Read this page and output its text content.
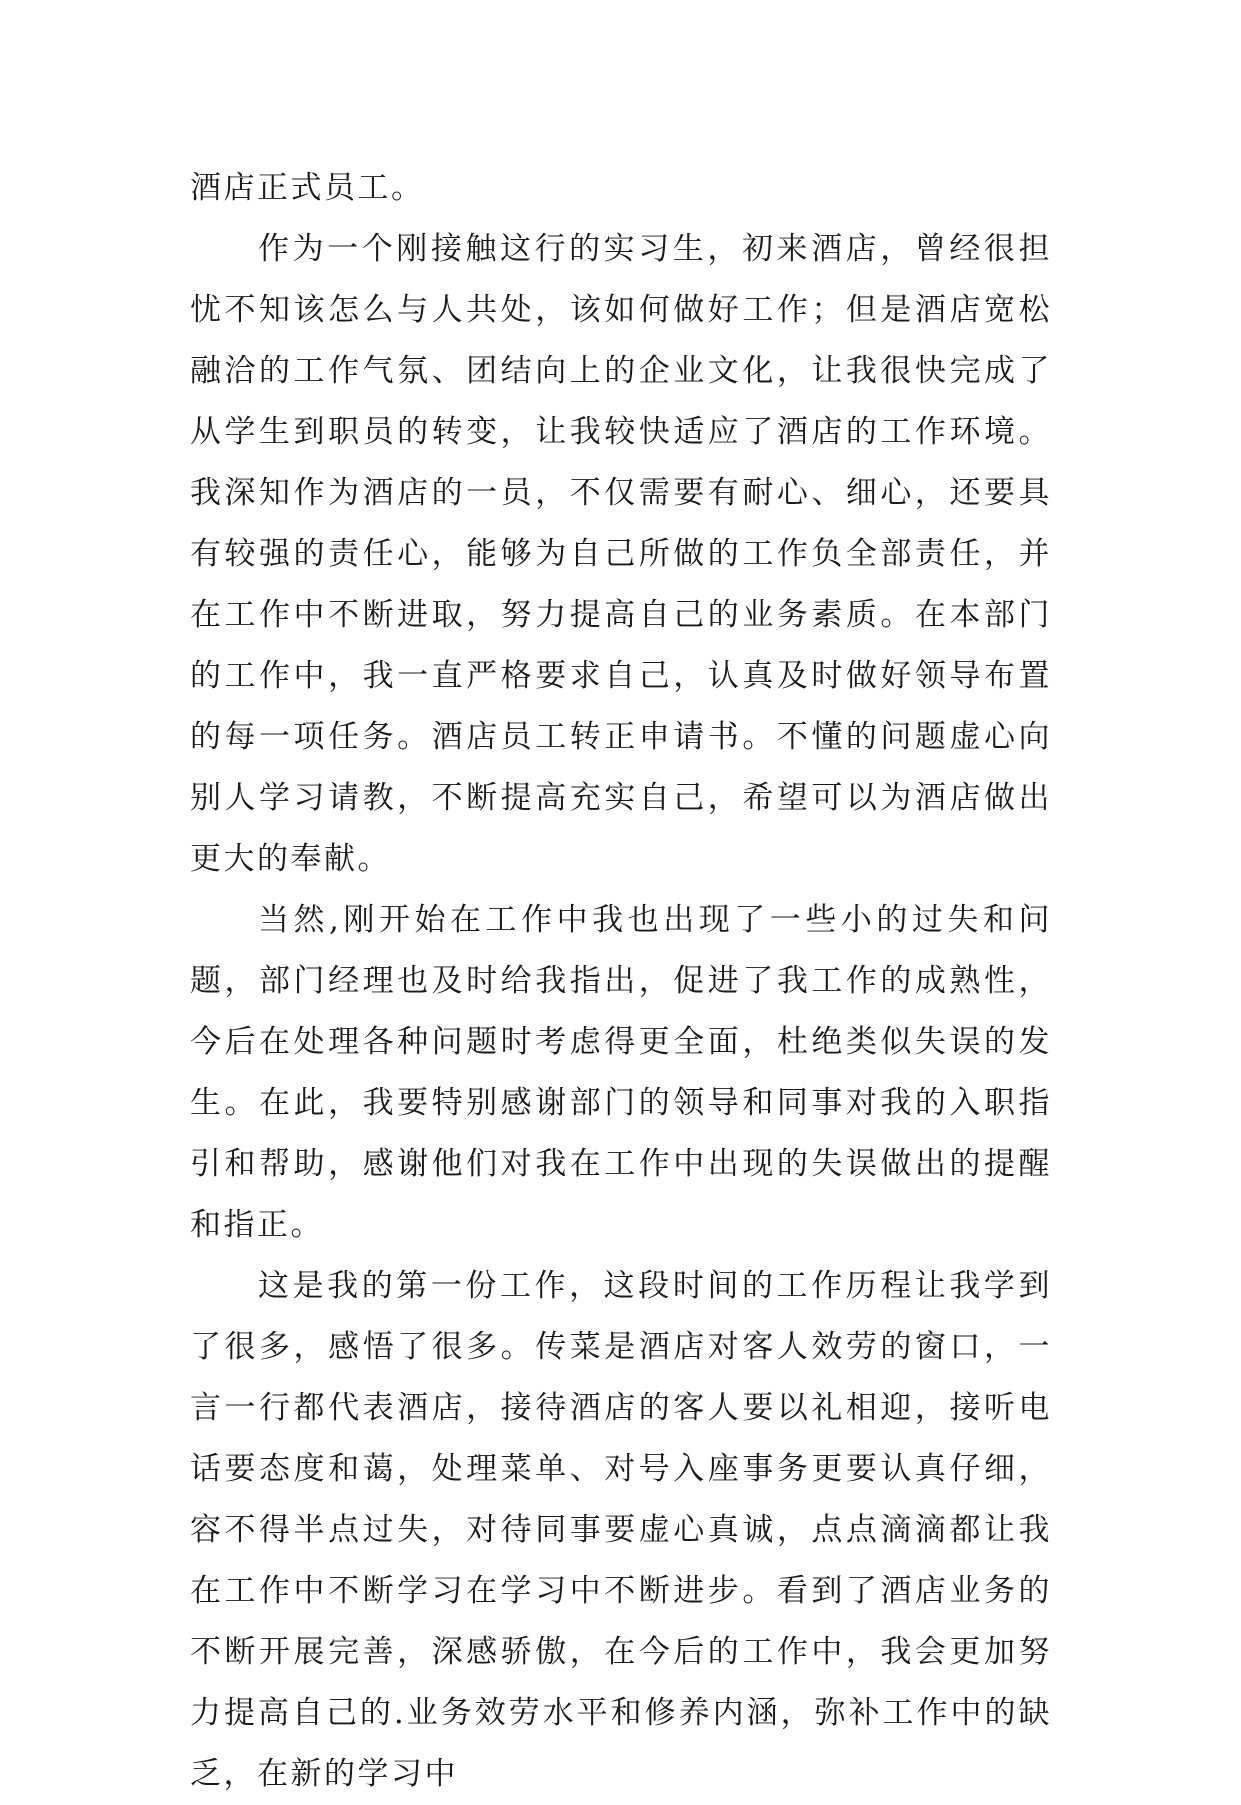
酒店正式员工。

作为一个刚接触这行的实习生，初来酒店，曾经很担忧不知该怎么与人共处，该如何做好工作；但是酒店宽松融洽的工作气氛、团结向上的企业文化，让我很快完成了从学生到职员的转变，让我较快适应了酒店的工作环境。我深知作为酒店的一员，不仅需要有耐心、细心，还要具有较强的责任心，能够为自己所做的工作负全部责任，并在工作中不断进取，努力提高自己的业务素质。在本部门的工作中，我一直严格要求自己，认真及时做好领导布置的每一项任务。酒店员工转正申请书。不懂的问题虚心向别人学习请教，不断提高充实自己，希望可以为酒店做出更大的奉献。

当然,刚开始在工作中我也出现了一些小的过失和问题，部门经理也及时给我指出，促进了我工作的成熟性，今后在处理各种问题时考虑得更全面，杜绝类似失误的发生。在此，我要特别感谢部门的领导和同事对我的入职指引和帮助，感谢他们对我在工作中出现的失误做出的提醒和指正。

这是我的第一份工作，这段时间的工作历程让我学到了很多，感悟了很多。传菜是酒店对客人效劳的窗口，一言一行都代表酒店，接待酒店的客人要以礼相迎，接听电话要态度和蔼，处理菜单、对号入座事务更要认真仔细，容不得半点过失，对待同事要虚心真诚，点点滴滴都让我在工作中不断学习在学习中不断进步。看到了酒店业务的不断开展完善，深感骄傲，在今后的工作中，我会更加努力提高自己的.业务效劳水平和修养内涵，弥补工作中的缺乏，在新的学习中
